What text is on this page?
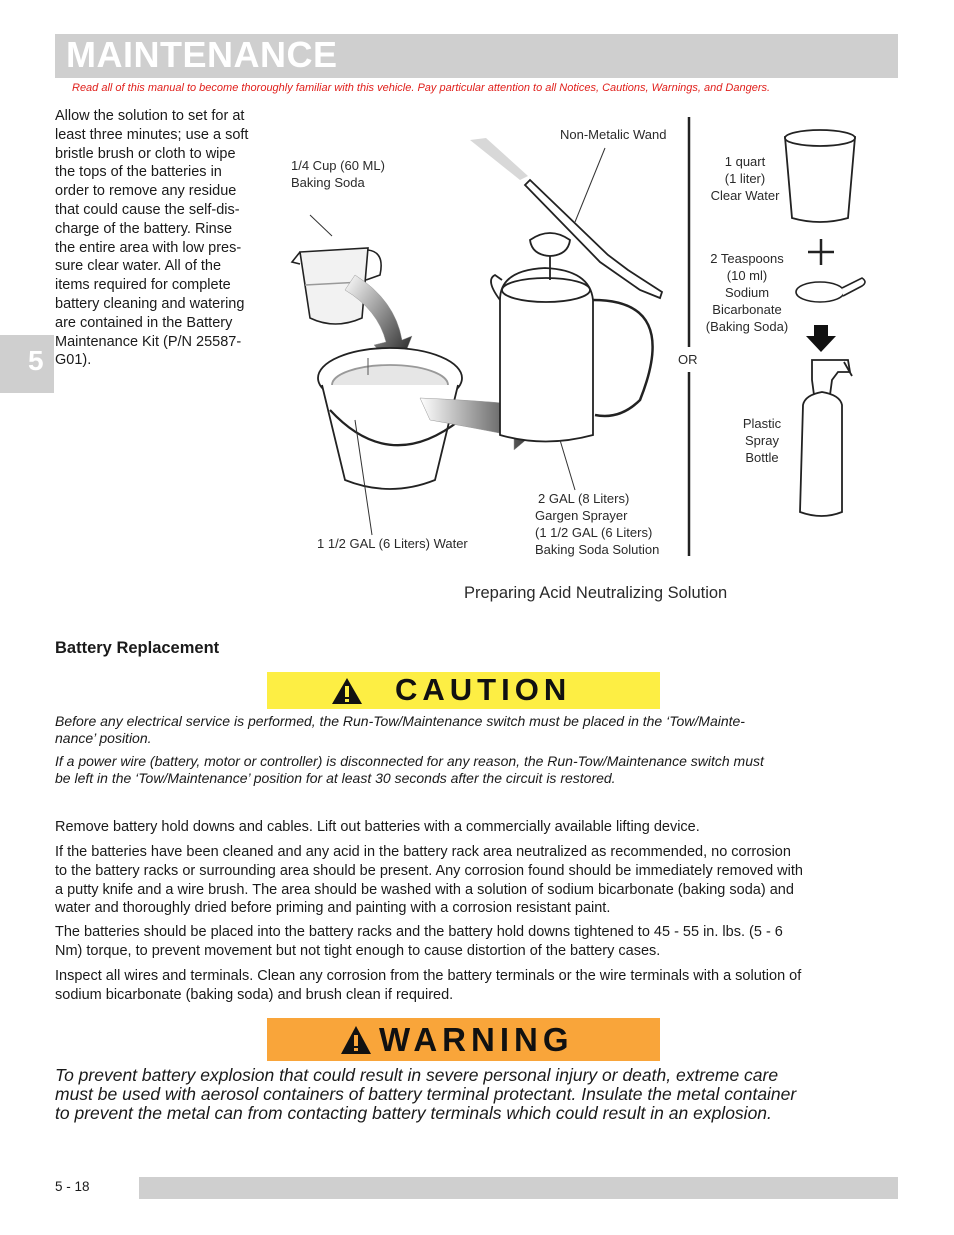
MAINTENANCE
Read all of this manual to become thoroughly familiar with this vehicle. Pay particular attention to all Notices, Cautions, Warnings, and Dangers.
5
Allow the solution to set for at
least three minutes; use a soft
bristle brush or cloth to wipe
the tops of the batteries in
order to remove any residue
that could cause the self-dis-
charge of the battery. Rinse
the entire area with low pres-
sure clear water. All of the
items required for complete
battery cleaning and watering
are contained in the Battery
Maintenance Kit (P/N 25587-
G01).
1/4 Cup (60 ML)
Baking Soda
Non-Metalic Wand
1 quart
(1 liter)
Clear Water
2 Teaspoons
(10 ml)
Sodium
Bicarbonate
(Baking Soda)
OR
Plastic
Spray
Bottle
2 GAL (8 Liters)
Gargen Sprayer
(1 1/2 GAL (6 Liters)
Baking Soda Solution
1 1/2 GAL (6 Liters) Water
Preparing Acid Neutralizing Solution
Battery Replacement
CAUTION
Before any electrical service is performed, the Run-Tow/Maintenance switch must be placed in the ‘Tow/Mainte-
nance’ position.
If a power wire (battery, motor or controller) is disconnected for any reason, the Run-Tow/Maintenance switch must
be left in the ‘Tow/Maintenance’ position for at least 30 seconds after the circuit is restored.
Remove battery hold downs and cables. Lift out batteries with a commercially available lifting device.
If the batteries have been cleaned and any acid in the battery rack area neutralized as recommended, no corrosion
to the battery racks or surrounding area should be present. Any corrosion found should be immediately removed with
a putty knife and a wire brush. The area should be washed with a solution of sodium bicarbonate (baking soda) and
water and thoroughly dried before priming and painting with a corrosion resistant paint.
The batteries should be placed into the battery racks and the battery hold downs tightened to 45 - 55 in. lbs. (5 - 6
Nm) torque, to prevent movement but not tight enough to cause distortion of the battery cases.
Inspect all wires and terminals. Clean any corrosion from the battery terminals or the wire terminals with a solution of
sodium bicarbonate (baking soda) and brush clean if required.
WARNING
To prevent battery explosion that could result in severe personal injury or death, extreme care
must be used with aerosol containers of battery terminal protectant. Insulate the metal container
to prevent the metal can from contacting battery terminals which could result in an explosion.
5 - 18
